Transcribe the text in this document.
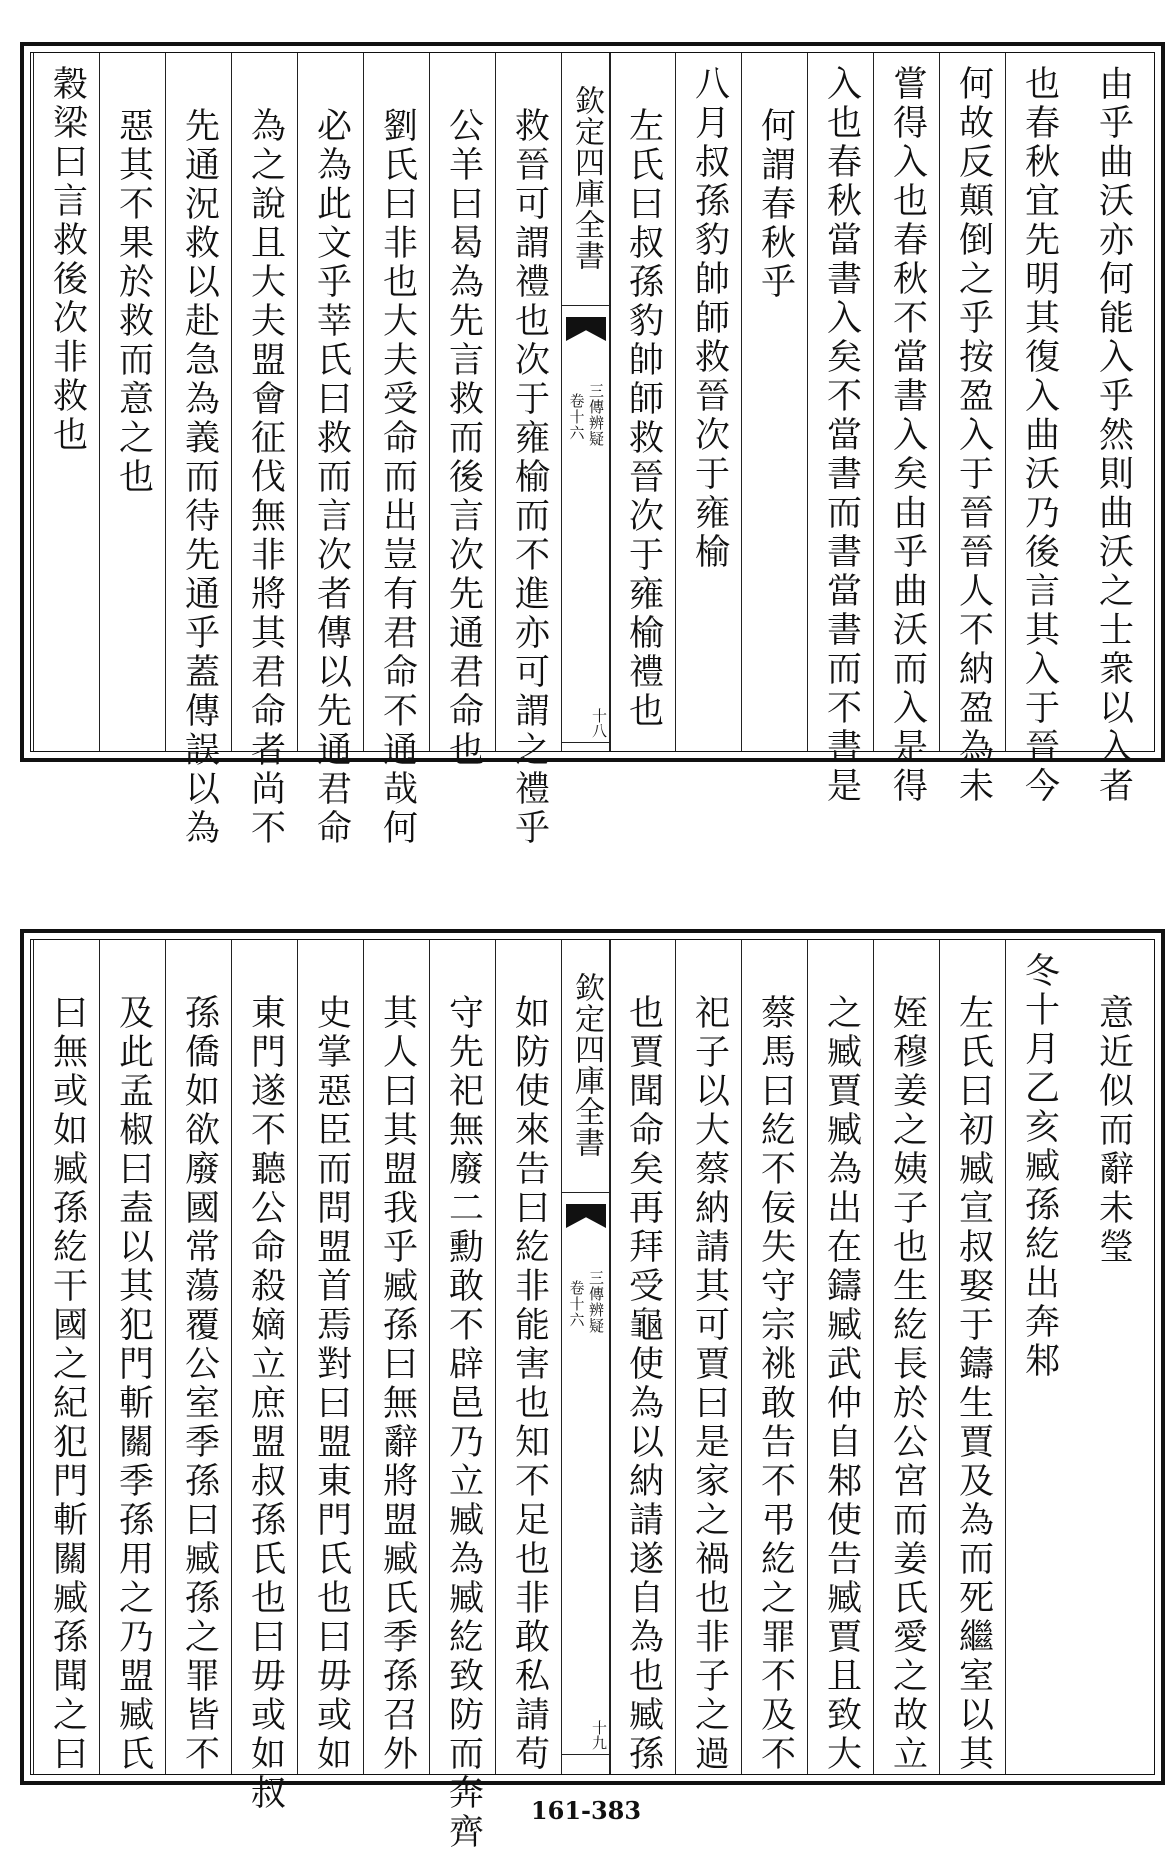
由乎曲沃亦何能入乎然則曲沃之士衆以入者
也春秋宜先明其復入曲沃乃後言其入于晉今
何故反顛倒之乎按盈入于晉晉人不納盈為未
嘗得入也春秋不當書入矣由乎曲沃而入是得
入也春秋當書入矣不當書而書當書而不書是
何謂春秋乎
八月叔孫豹帥師救晉次于雍榆
左氏曰叔孫豹帥師救晉次于雍榆禮也
欽定四庫全書
三傳辨疑
卷十六
十八
救晉可謂禮也次于雍榆而不進亦可謂之禮乎
公羊曰曷為先言救而後言次先通君命也
劉氏曰非也大夫受命而出豈有君命不通哉何
必為此文乎莘氏曰救而言次者傳以先通君命
為之說且大夫盟會征伐無非將其君命者尚不
先通況救以赴急為義而待先通乎蓋傳誤以為
惡其不果於救而意之也
穀梁曰言救後次非救也
意近似而辭未瑩
冬十月乙亥臧孫紇出奔邾
左氏曰初臧宣叔娶于鑄生賈及為而死繼室以其
姪穆姜之姨子也生紇長於公宮而姜氏愛之故立
之臧賈臧為出在鑄臧武仲自邾使告臧賈且致大
蔡馬曰紇不佞失守宗祧敢告不弔紇之罪不及不
祀子以大蔡納請其可賈曰是家之禍也非子之過
也賈聞命矣再拜受龜使為以納請遂自為也臧孫
欽定四庫全書
三傳辨疑
卷十六
十九
如防使來告曰紇非能害也知不足也非敢私請苟
守先祀無廢二勳敢不辟邑乃立臧為臧紇致防而奔齊
其人曰其盟我乎臧孫曰無辭將盟臧氏季孫召外
史掌惡臣而問盟首焉對曰盟東門氏也曰毋或如
東門遂不聽公命殺嫡立庶盟叔孫氏也曰毋或如叔
孫僑如欲廢國常蕩覆公室季孫曰臧孫之罪皆不
及此孟椒曰盍以其犯門斬關季孫用之乃盟臧氏
曰無或如臧孫紇干國之紀犯門斬關臧孫聞之曰
161-383
